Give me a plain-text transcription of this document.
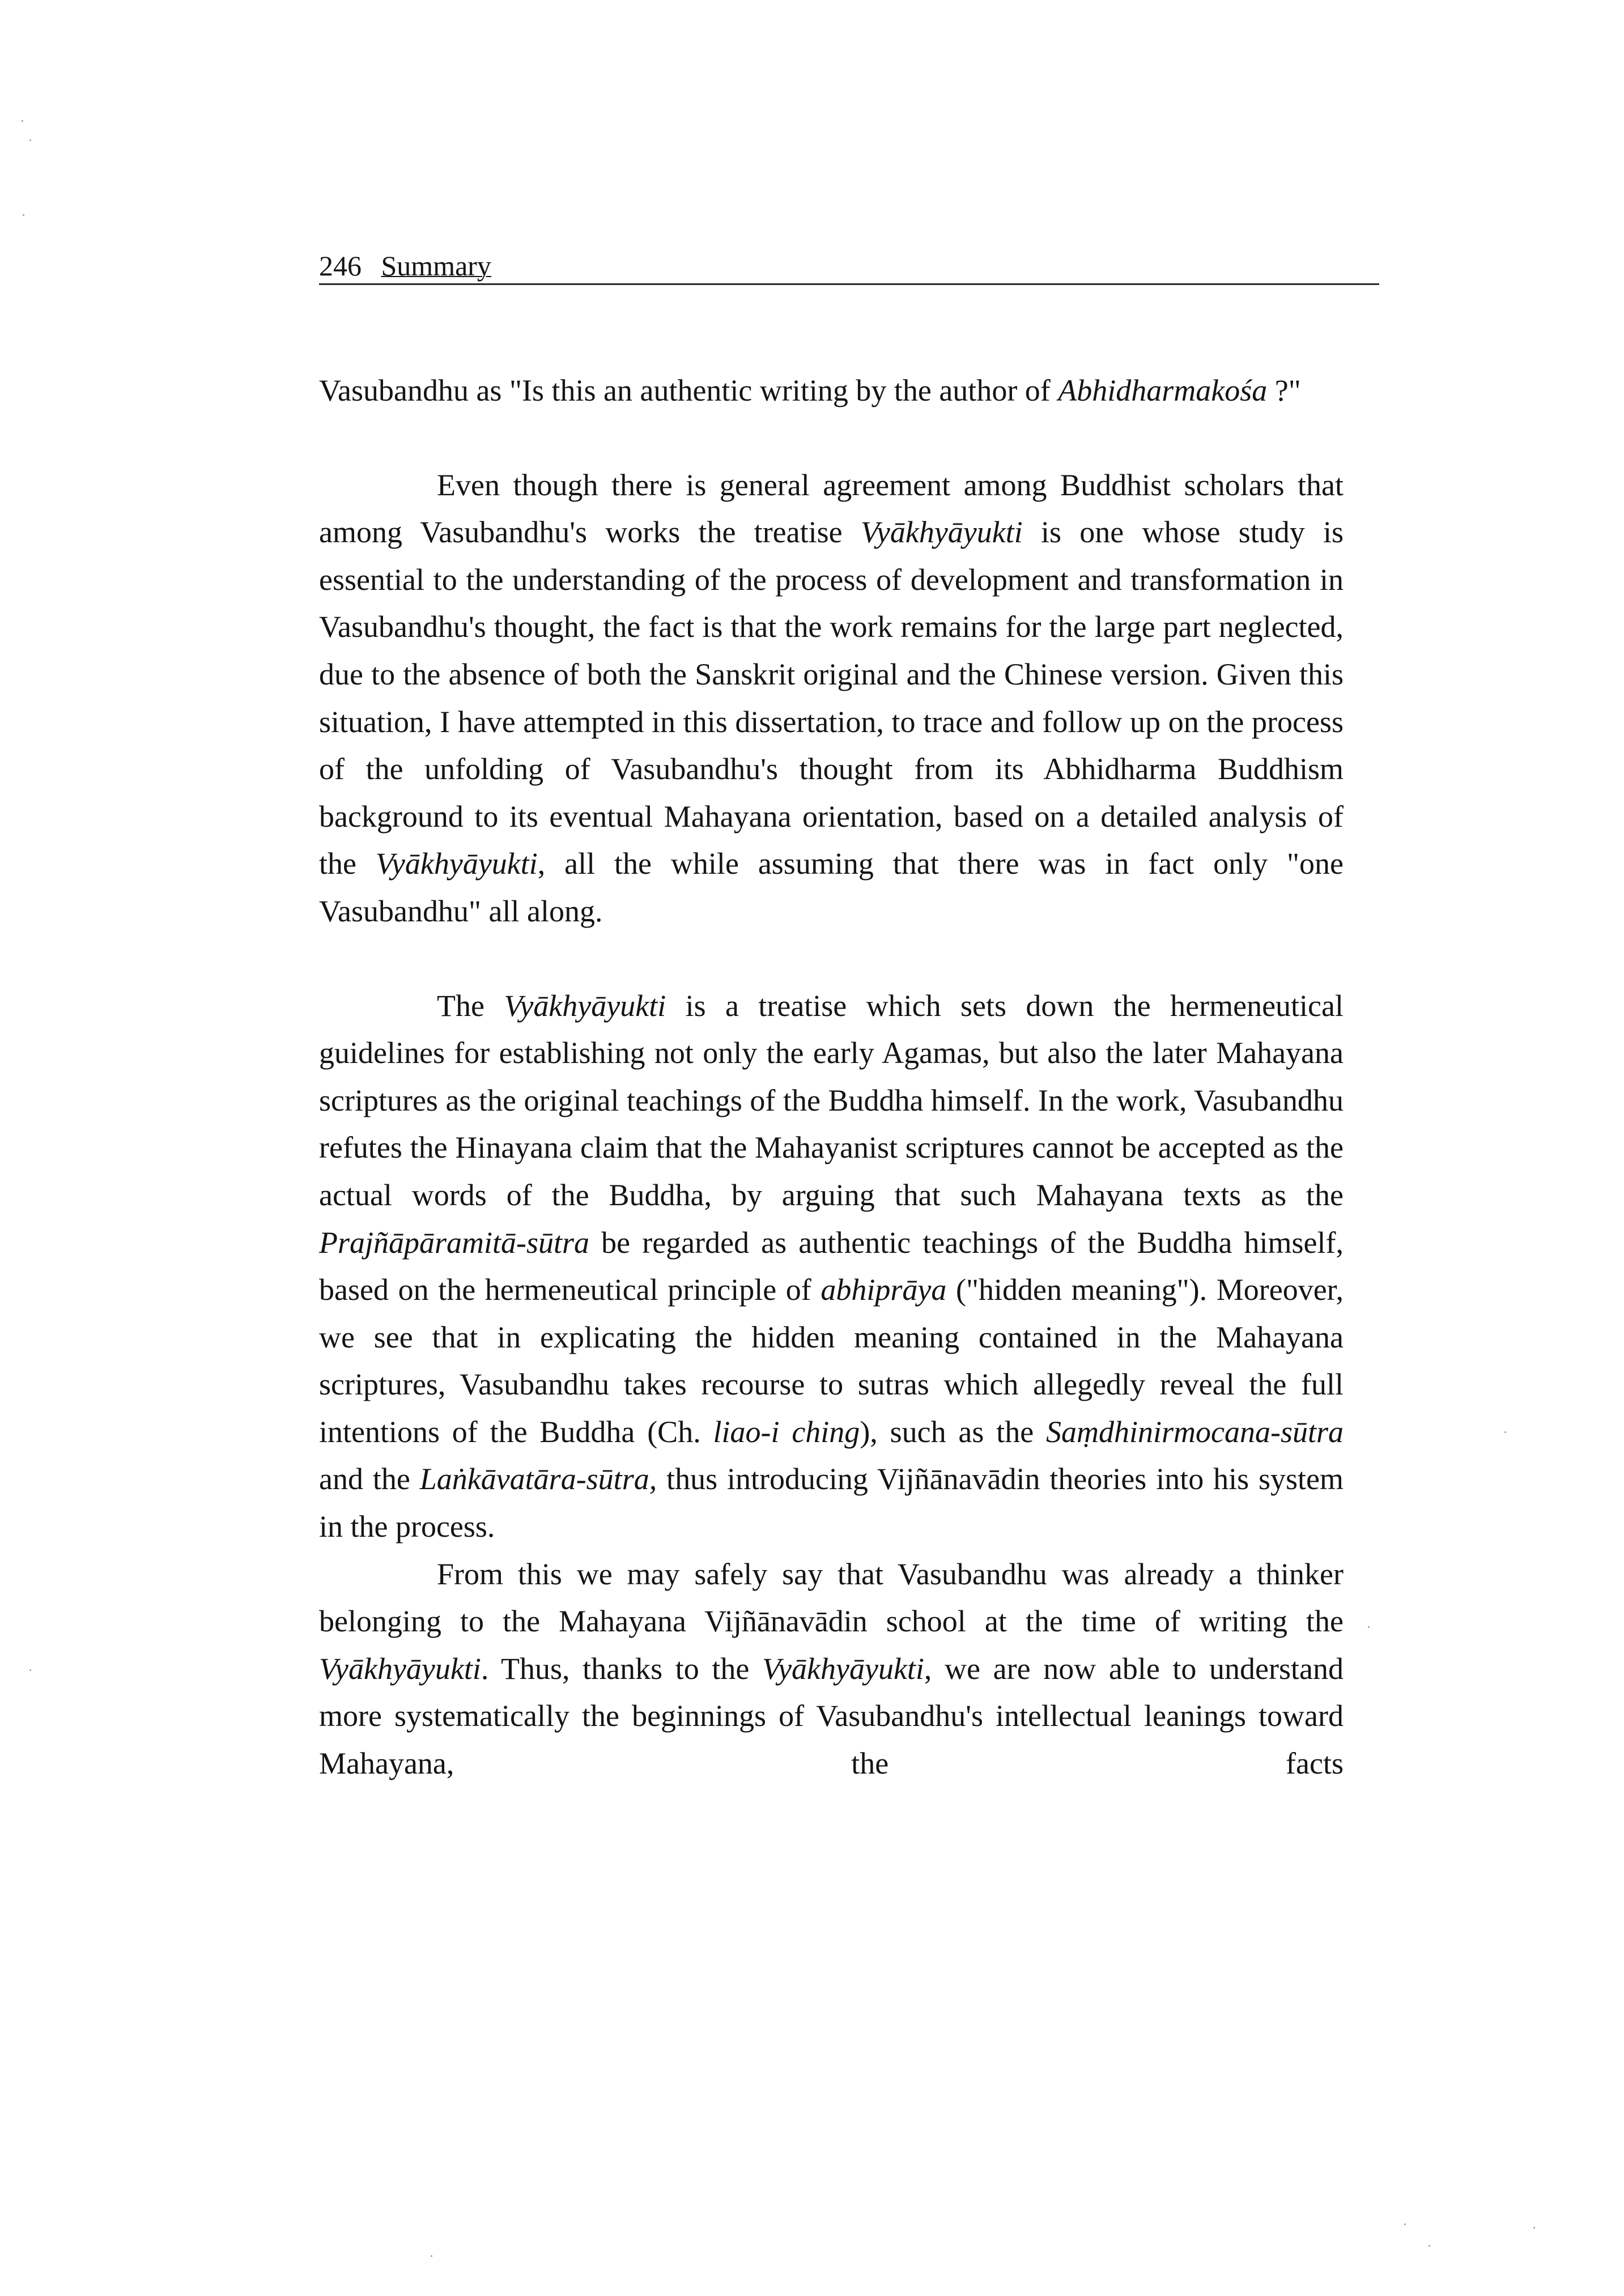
246 Summary

Vasubandhu as "Is this an authentic writing by the author of Abhidharmakośa ?"

Even though there is general agreement among Buddhist scholars that among Vasubandhu's works the treatise Vyākhyāyukti is one whose study is essential to the understanding of the process of development and transformation in Vasubandhu's thought, the fact is that the work remains for the large part neglected, due to the absence of both the Sanskrit original and the Chinese version. Given this situation, I have attempted in this dissertation, to trace and follow up on the process of the unfolding of Vasubandhu's thought from its Abhidharma Buddhism background to its eventual Mahayana orientation, based on a detailed analysis of the Vyākhyāyukti, all the while assuming that there was in fact only "one Vasubandhu" all along.

The Vyākhyāyukti is a treatise which sets down the hermeneutical guidelines for establishing not only the early Agamas, but also the later Mahayana scriptures as the original teachings of the Buddha himself. In the work, Vasubandhu refutes the Hinayana claim that the Mahayanist scriptures cannot be accepted as the actual words of the Buddha, by arguing that such Mahayana texts as the Prajñāpāramitā-sūtra be regarded as authentic teachings of the Buddha himself, based on the hermeneutical principle of abhiprāya ("hidden meaning"). Moreover, we see that in explicating the hidden meaning contained in the Mahayana scriptures, Vasubandhu takes recourse to sutras which allegedly reveal the full intentions of the Buddha (Ch. liao-i ching), such as the Saṃdhinirmocana-sūtra and the Laṅkāvatāra-sūtra, thus introducing Vijñānavādin theories into his system in the process.

From this we may safely say that Vasubandhu was already a thinker belonging to the Mahayana Vijñānavādin school at the time of writing the Vyākhyāyukti. Thus, thanks to the Vyākhyāyukti, we are now able to understand more systematically the beginnings of Vasubandhu's intellectual leanings toward Mahayana, the facts
